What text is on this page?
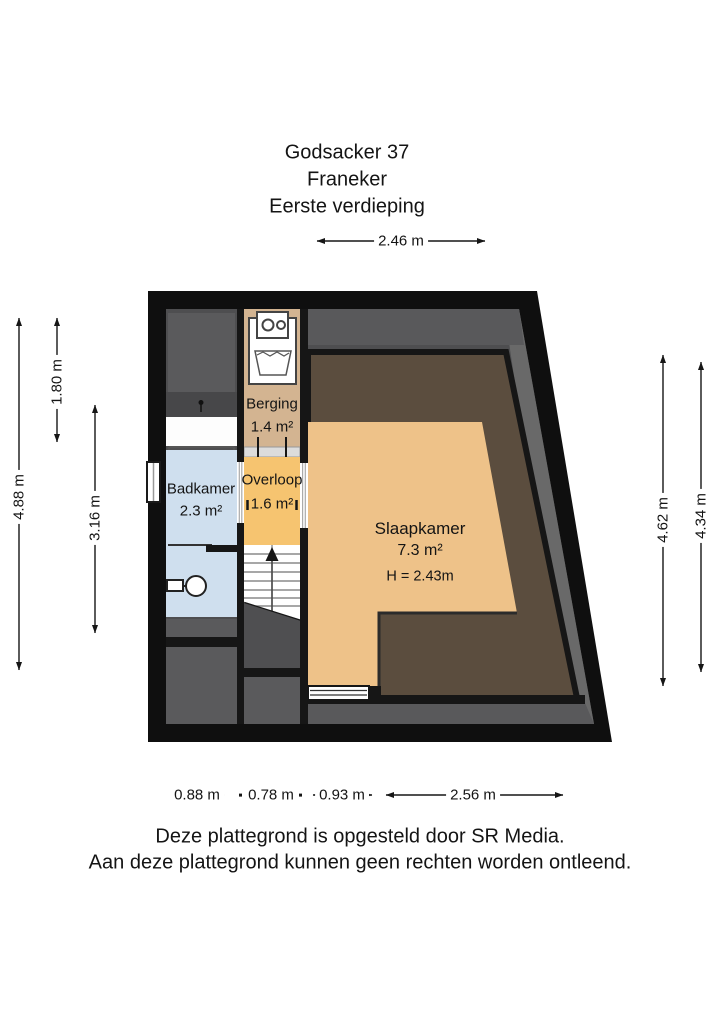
Godsacker 37
Franeker
Eerste verdieping
2.46 m
4.88 m
1.80 m
3.16 m	4.62 m 4.34 m
0.88 m 0.78 m 0.93 m	2.56 m
Berging
1.4 m²
Badkamer
2.3 m²
Overloop
1.6 m²
Slaapkamer
7.3 m²
H = 2.43m
Deze plattegrond is opgesteld door SR Media.
Aan deze plattegrond kunnen geen rechten worden ontleend.
